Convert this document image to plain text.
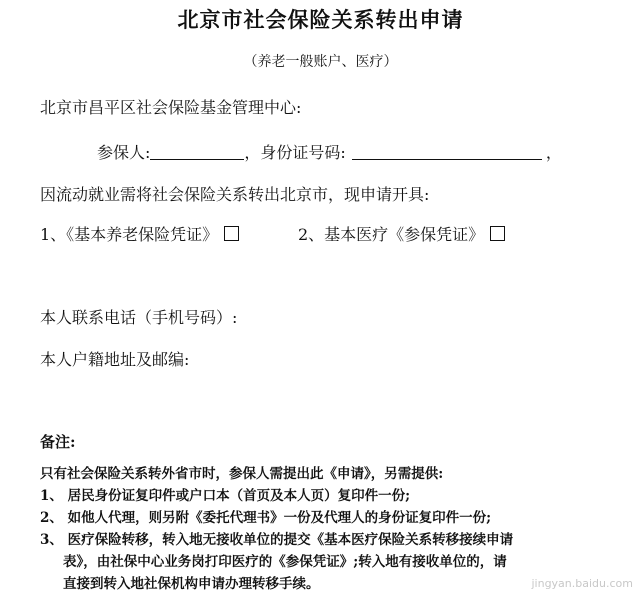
北京市社会保险关系转出申请
（养老一般账户、医疗）
北京市昌平区社会保险基金管理中心:
参保人:	，身份证号码:	，
因流动就业需将社会保险关系转出北京市，现申请开具:
1、《基本养老保险凭证》	2、基本医疗《参保凭证》
本人联系电话（手机号码）:
本人户籍地址及邮编:
备注:
只有社会保险关系转外省市时，参保人需提出此《申请》，另需提供:
1、 居民身份证复印件或户口本（首页及本人页）复印件一份;
2、 如他人代理，则另附《委托代理书》一份及代理人的身份证复印件一份;
3、 医疗保险转移，转入地无接收单位的提交《基本医疗保险关系转移接续申请
表》，由社保中心业务岗打印医疗的《参保凭证》;转入地有接收单位的，请
直接到转入地社保机构申请办理转移手续。	jingyan.baidu.com
